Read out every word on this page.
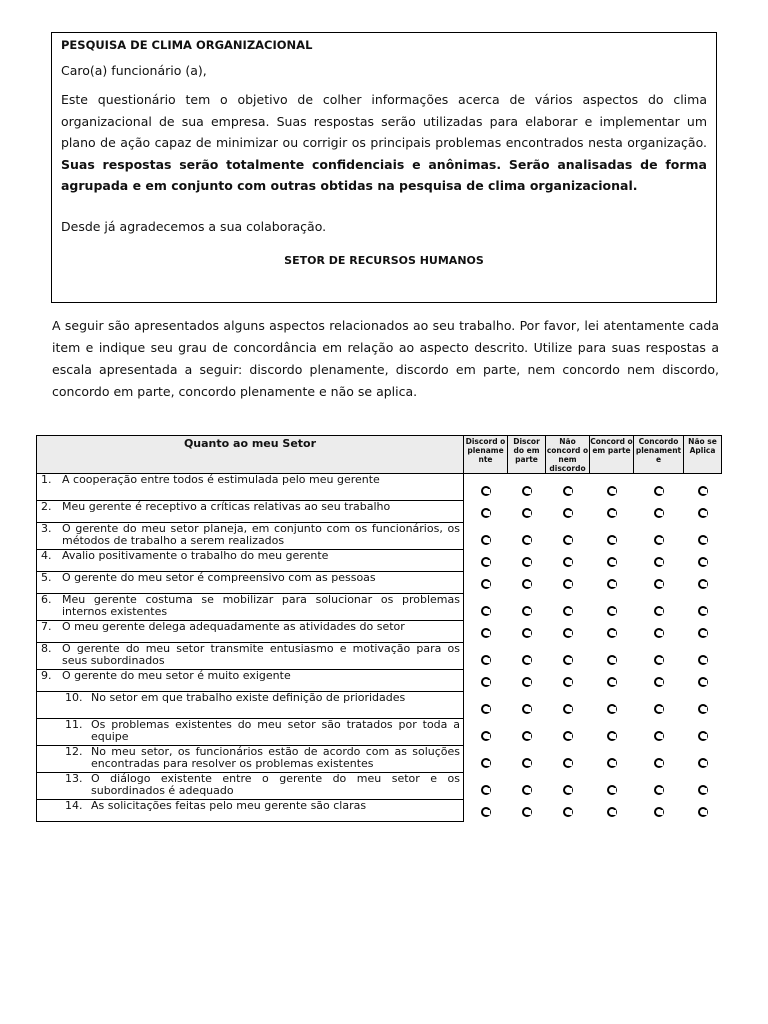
PESQUISA DE CLIMA ORGANIZACIONAL

Caro(a) funcionário (a),

Este questionário tem o objetivo de colher informações acerca de vários aspectos do clima organizacional de sua empresa. Suas respostas serão utilizadas para elaborar e implementar um plano de ação capaz de minimizar ou corrigir os principais problemas encontrados nesta organização. Suas respostas serão totalmente confidenciais e anônimas. Serão analisadas de forma agrupada e em conjunto com outras obtidas na pesquisa de clima organizacional.

Desde já agradecemos a sua colaboração.

SETOR DE RECURSOS HUMANOS

A seguir são apresentados alguns aspectos relacionados ao seu trabalho. Por favor, lei atentamente cada item e indique seu grau de concordância em relação ao aspecto descrito. Utilize para suas respostas a escala apresentada a seguir: discordo plenamente, discordo em parte, nem concordo nem discordo, concordo em parte, concordo plenamente e não se aplica.

Quanto ao meu Setor	Discord o plename nte	Discor do em parte	Não concord o nem discordo	Concord o em parte	Concordo plenament e	Não se Aplica

1. A cooperação entre todos é estimulada pelo meu gerente						

2. Meu gerente é receptivo a críticas relativas ao seu trabalho						

3. O gerente do meu setor planeja, em conjunto com os funcionários, os métodos de trabalho a serem realizados						

4. Avalio positivamente o trabalho do meu gerente						

5. O gerente do meu setor é compreensivo com as pessoas						

6. Meu gerente costuma se mobilizar para solucionar os problemas internos existentes						

7. O meu gerente delega adequadamente as atividades do setor						

8. O gerente do meu setor transmite entusiasmo e motivação para os seus subordinados						

9. O gerente do meu setor é muito exigente						

10. No setor em que trabalho existe definição de prioridades						

11. Os problemas existentes do meu setor são tratados por toda a equipe						

12. No meu setor, os funcionários estão de acordo com as soluções encontradas para resolver os problemas existentes						

13. O diálogo existente entre o gerente do meu setor e os subordinados é adequado						

14. As solicitações feitas pelo meu gerente são claras						
